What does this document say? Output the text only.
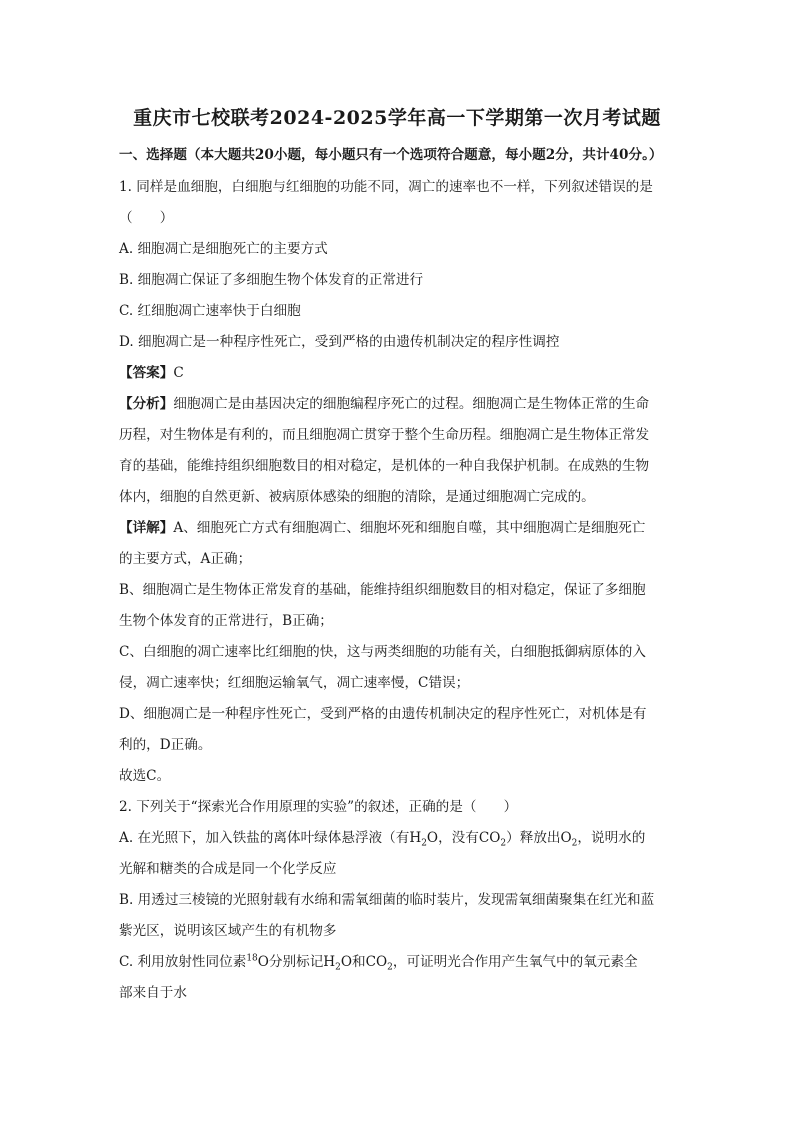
重庆市七校联考2024-2025学年高一下学期第一次月考试题
一、选择题（本大题共20小题，每小题只有一个选项符合题意，每小题2分，共计40分。）
1. 同样是血细胞，白细胞与红细胞的功能不同，凋亡的速率也不一样，下列叙述错误的是
（　　）
A. 细胞凋亡是细胞死亡的主要方式
B. 细胞凋亡保证了多细胞生物个体发育的正常进行
C. 红细胞凋亡速率快于白细胞
D. 细胞凋亡是一种程序性死亡，受到严格的由遗传机制决定的程序性调控
【答案】C
【分析】细胞凋亡是由基因决定的细胞编程序死亡的过程。细胞凋亡是生物体正常的生命
历程，对生物体是有利的，而且细胞凋亡贯穿于整个生命历程。细胞凋亡是生物体正常发
育的基础，能维持组织细胞数目的相对稳定，是机体的一种自我保护机制。在成熟的生物
体内，细胞的自然更新、被病原体感染的细胞的清除，是通过细胞凋亡完成的。
【详解】A、细胞死亡方式有细胞凋亡、细胞坏死和细胞自噬，其中细胞凋亡是细胞死亡
的主要方式，A正确；
B、细胞凋亡是生物体正常发育的基础，能维持组织细胞数目的相对稳定，保证了多细胞
生物个体发育的正常进行，B正确；
C、白细胞的凋亡速率比红细胞的快，这与两类细胞的功能有关，白细胞抵御病原体的入
侵，凋亡速率快；红细胞运输氧气，凋亡速率慢，C错误；
D、细胞凋亡是一种程序性死亡，受到严格的由遗传机制决定的程序性死亡，对机体是有
利的，D正确。
故选C。
2. 下列关于“探索光合作用原理的实验”的叙述，正确的是（　　）
A. 在光照下，加入铁盐的离体叶绿体悬浮液（有$H_2O$，没有$CO_2$）释放出$O_2$，说明水的
光解和糖类的合成是同一个化学反应
B. 用透过三棱镜的光照射载有水绵和需氧细菌的临时装片，发现需氧细菌聚集在红光和蓝
紫光区，说明该区域产生的有机物多
C. 利用放射性同位素$^{18}$O分别标记$H_2O$和$CO_2$，可证明光合作用产生氧气中的氧元素全
部来自于水
